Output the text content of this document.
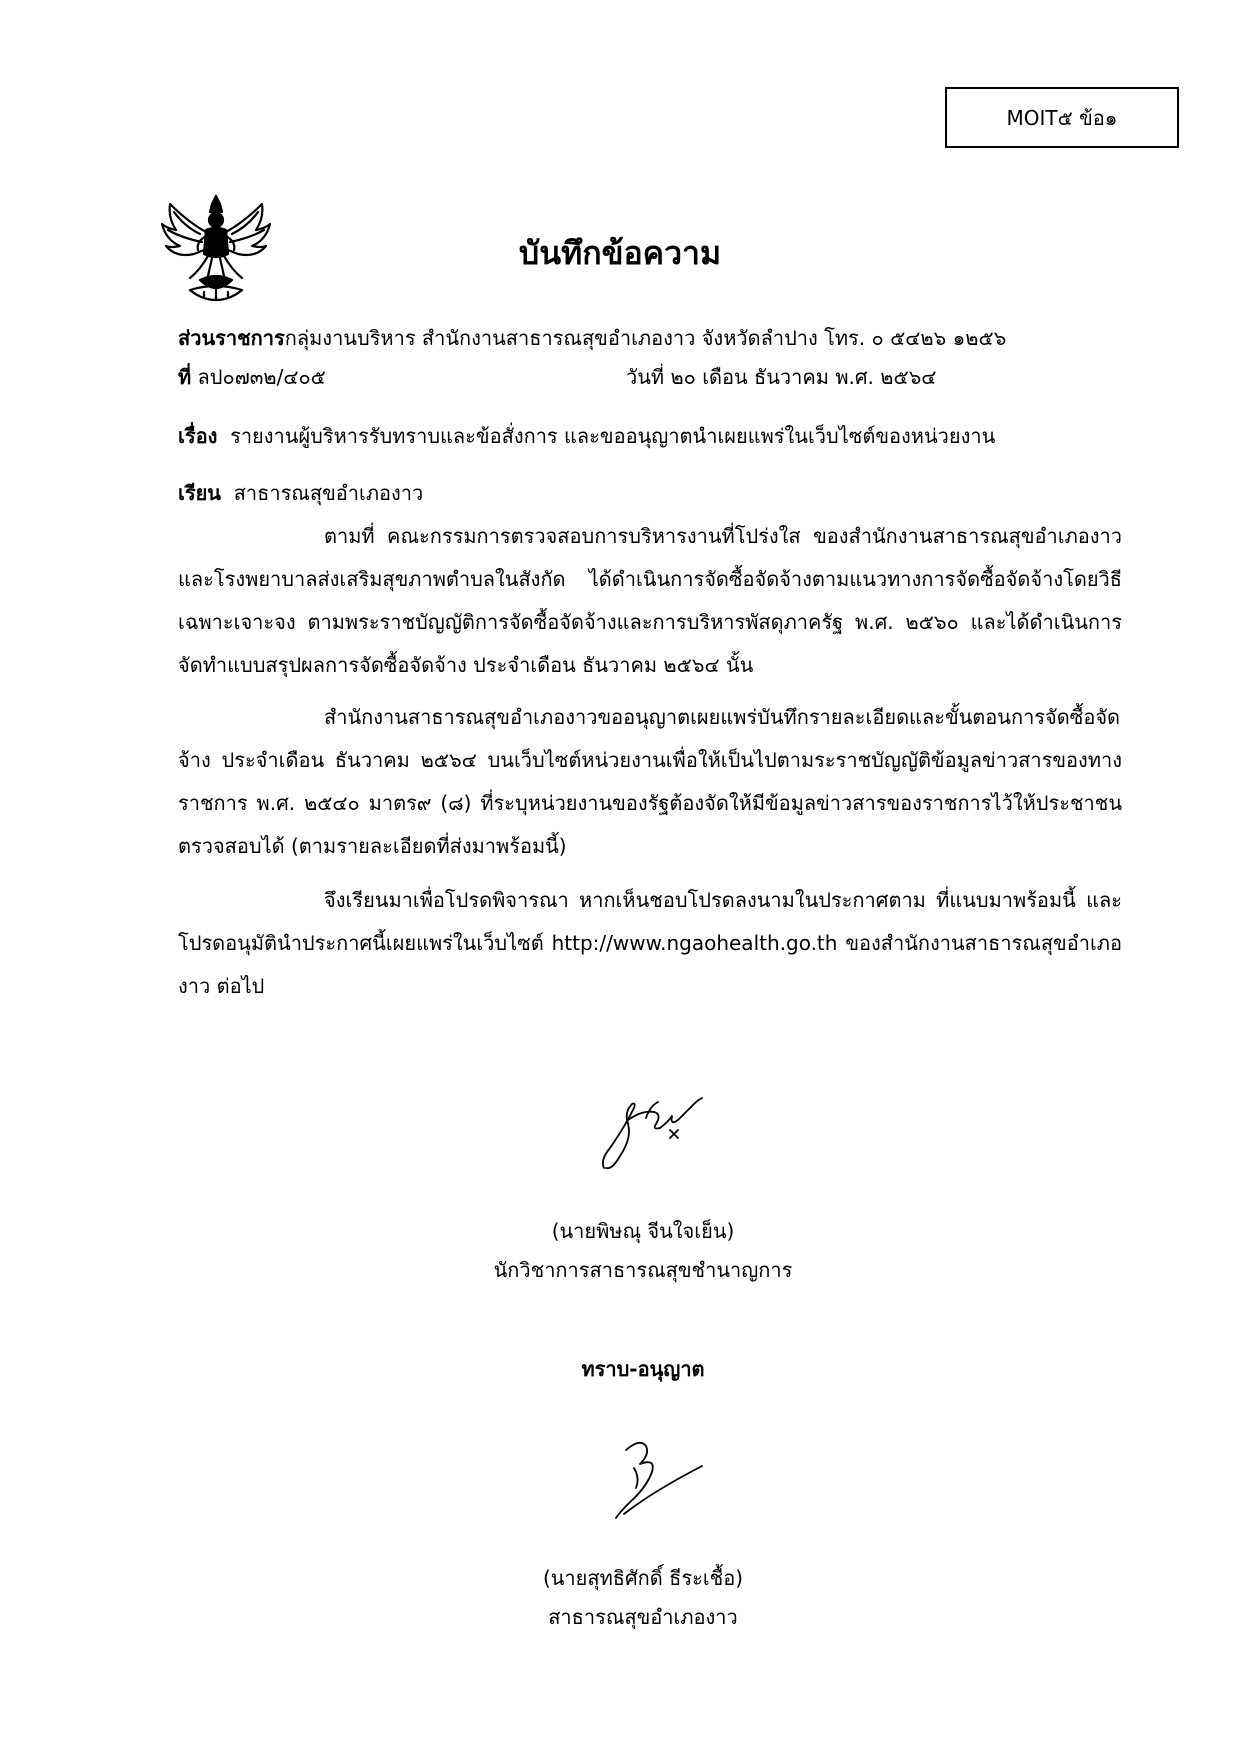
MOIT๕ ข้อ๑
บันทึกข้อความ
ส่วนราชการกลุ่มงานบริหาร สำนักงานสาธารณสุขอำเภองาว จังหวัดลำปาง โทร. ๐ ๕๔๒๖ ๑๒๕๖
ที่ ลป๐๗๓๒/๔๐๕	วันที่ ๒๐ เดือน ธันวาคม พ.ศ. ๒๕๖๔
เรื่อง รายงานผู้บริหารรับทราบและข้อสั่งการ และขออนุญาตนำเผยแพร่ในเว็บไซต์ของหน่วยงาน
เรียน สาธารณสุขอำเภองาว
ตามที่ คณะกรรมการตรวจสอบการบริหารงานที่โปร่งใส ของสำนักงานสาธารณสุขอำเภองาว และโรงพยาบาลส่งเสริมสุขภาพตำบลในสังกัด ได้ดำเนินการจัดซื้อจัดจ้างตามแนวทางการจัดซื้อจัดจ้างโดยวิธีเฉพาะเจาะจง ตามพระราชบัญญัติการจัดซื้อจัดจ้างและการบริหารพัสดุภาครัฐ พ.ศ. ๒๕๖๐ และได้ดำเนินการจัดทำแบบสรุปผลการจัดซื้อจัดจ้าง ประจำเดือน ธันวาคม ๒๕๖๔ นั้น
สำนักงานสาธารณสุขอำเภองาวขออนุญาตเผยแพร่บันทึกรายละเอียดและขั้นตอนการจัดซื้อจัดจ้าง ประจำเดือน ธันวาคม ๒๕๖๔ บนเว็บไซต์หน่วยงานเพื่อให้เป็นไปตามระราชบัญญัติข้อมูลข่าวสารของทางราชการ พ.ศ. ๒๕๔๐ มาตร๙ (๘) ที่ระบุหน่วยงานของรัฐต้องจัดให้มีข้อมูลข่าวสารของราชการไว้ให้ประชาชนตรวจสอบได้ (ตามรายละเอียดที่ส่งมาพร้อมนี้)
จึงเรียนมาเพื่อโปรดพิจารณา หากเห็นชอบโปรดลงนามในประกาศตาม ที่แนบมาพร้อมนี้ และโปรดอนุมัตินำประกาศนี้เผยแพร่ในเว็บไซต์ http://www.ngaohealth.go.th ของสำนักงานสาธารณสุขอำเภองาว ต่อไป
(นายพิษณุ จีนใจเย็น)
นักวิชาการสาธารณสุขชำนาญการ
ทราบ-อนุญาต
(นายสุทธิศักดิ์ ธีระเชื้อ)
สาธารณสุขอำเภองาว
